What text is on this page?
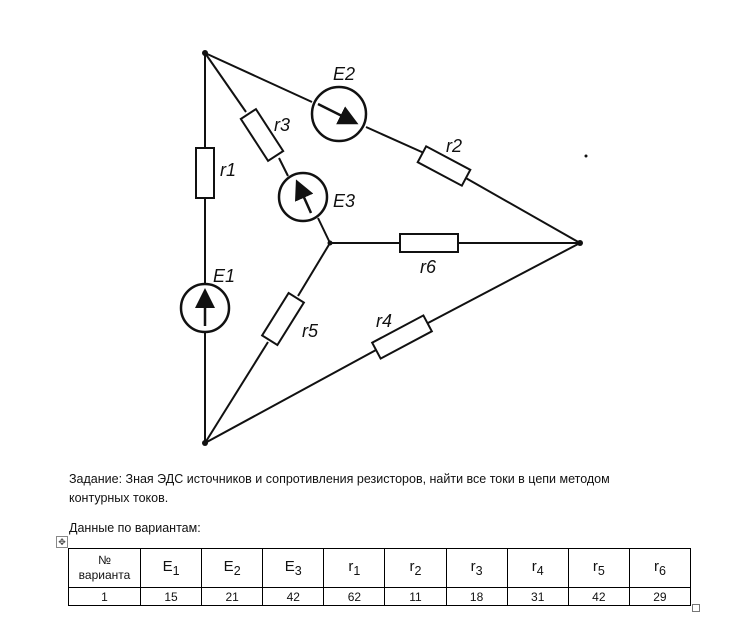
r1
E1
E2
r2
r3
E3
r6
r4
r5

Задание: Зная ЭДС источников и сопротивления резисторов, найти все токи в цепи методом контурных токов.

Данные по вариантам:

✥
№
варианта	$E_1$	$E_2$	$E_3$	$r_1$	$r_2$	$r_3$	$r_4$	$r_5$	$r_6$
1	15	21	42	62	11	18	31	42	29
